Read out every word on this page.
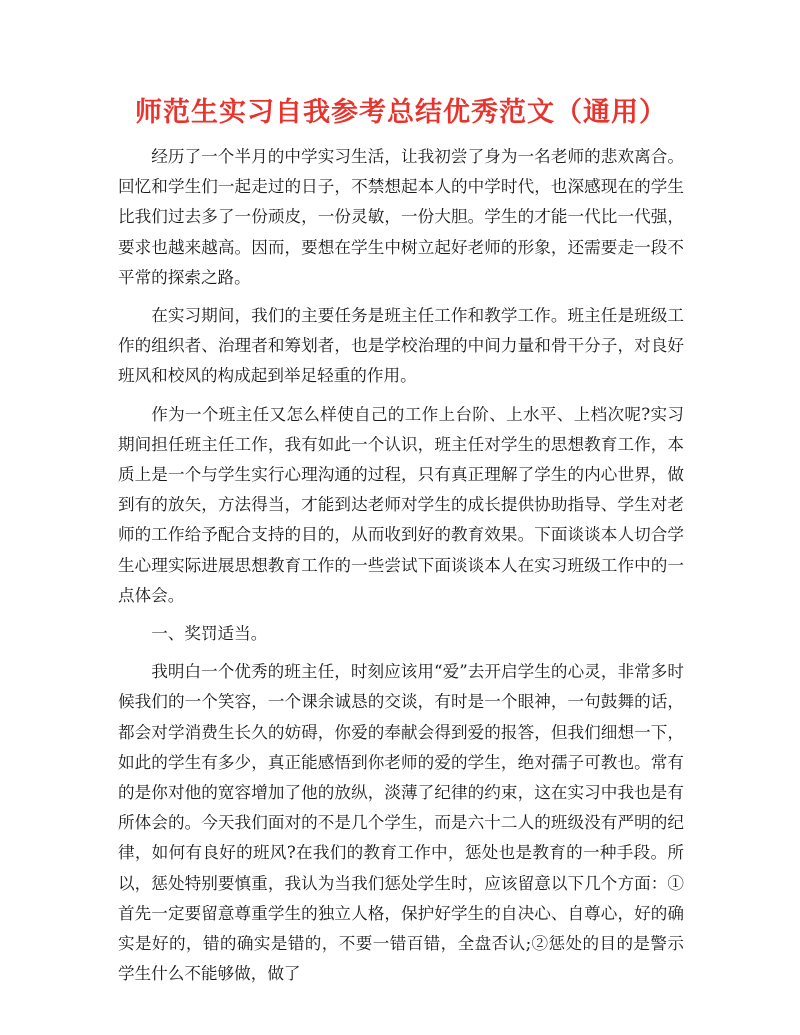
师范生实习自我参考总结优秀范文（通用）

经历了一个半月的中学实习生活，让我初尝了身为一名老师的悲欢离合。回忆和学生们一起走过的日子，不禁想起本人的中学时代，也深感现在的学生比我们过去多了一份顽皮，一份灵敏，一份大胆。学生的才能一代比一代强，要求也越来越高。因而，要想在学生中树立起好老师的形象，还需要走一段不平常的探索之路。

在实习期间，我们的主要任务是班主任工作和教学工作。班主任是班级工作的组织者、治理者和筹划者，也是学校治理的中间力量和骨干分子，对良好班风和校风的构成起到举足轻重的作用。

作为一个班主任又怎么样使自己的工作上台阶、上水平、上档次呢?实习期间担任班主任工作，我有如此一个认识，班主任对学生的思想教育工作，本质上是一个与学生实行心理沟通的过程，只有真正理解了学生的内心世界，做到有的放矢，方法得当，才能到达老师对学生的成长提供协助指导、学生对老师的工作给予配合支持的目的，从而收到好的教育效果。下面谈谈本人切合学生心理实际进展思想教育工作的一些尝试下面谈谈本人在实习班级工作中的一点体会。

一、奖罚适当。

我明白一个优秀的班主任，时刻应该用“爱”去开启学生的心灵，非常多时候我们的一个笑容，一个课余诚恳的交谈，有时是一个眼神，一句鼓舞的话，都会对学消费生长久的妨碍，你爱的奉献会得到爱的报答，但我们细想一下，如此的学生有多少，真正能感悟到你老师的爱的学生，绝对孺子可教也。常有的是你对他的宽容增加了他的放纵，淡薄了纪律的约束，这在实习中我也是有所体会的。今天我们面对的不是几个学生，而是六十二人的班级没有严明的纪律，如何有良好的班风?在我们的教育工作中，惩处也是教育的一种手段。所以，惩处特别要慎重，我认为当我们惩处学生时，应该留意以下几个方面：①首先一定要留意尊重学生的独立人格，保护好学生的自决心、自尊心，好的确实是好的，错的确实是错的，不要一错百错，全盘否认;②惩处的目的是警示学生什么不能够做，做了
